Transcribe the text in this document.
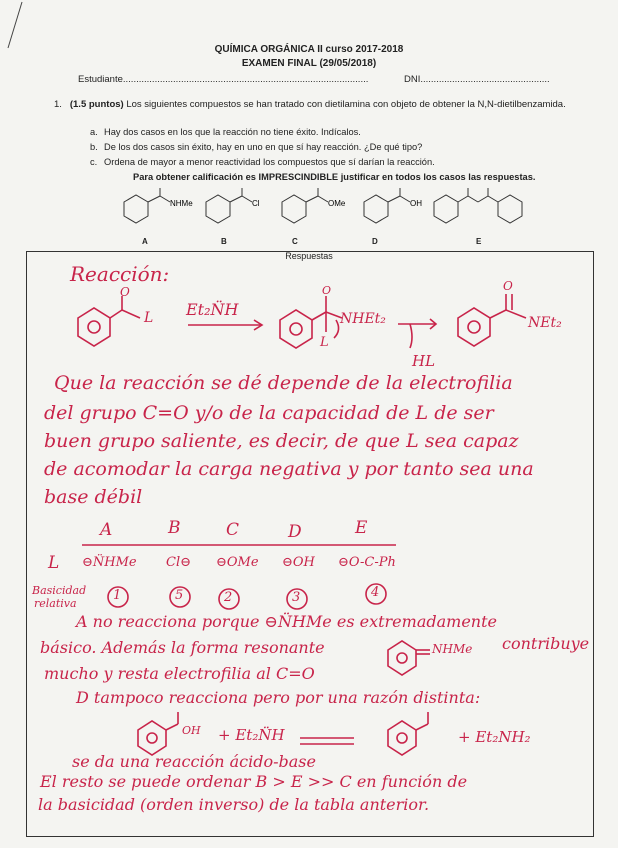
QUÍMICA ORGÁNICA II curso 2017-2018
EXAMEN FINAL (29/05/2018)
Estudiante.............................................................................................	DNI.................................................
1. (1.5 puntos) Los siguientes compuestos se han tratado con dietilamina con objeto de obtener la N,N-dietilbenzamida.
Hay dos casos en los que la reacción no tiene éxito. Indícalos.
a.
De los dos casos sin éxito, hay en uno en que sí hay reacción. ¿De qué tipo?
b.
Ordena de mayor a menor reactividad los compuestos que sí darían la reacción.
c.
Para obtener calificación es IMPRESCINDIBLE justificar en todos los casos las respuestas.
NHMe	Cl	OMe	OH
A	B	C	D	E
Respuestas
Reacción:
L
O	O
NHEt₂
L
O
NEt₂
Et₂N̈H
HL
Que la reacción se dé depende de la electrofilia
del grupo C=O y/o de la capacidad de L de ser
buen grupo saliente, es decir, de que L sea capaz
de acomodar la carga negativa y por tanto sea una
base débil
A	B	C	D	E
L ⊖N̈HMe Cl⊖ ⊖OMe ⊖OH ⊖O-C-Ph
Basicidad
relativa
1	5	2	3	4
A no reacciona porque ⊖N̈HMe es extremadamente
básico. Además la forma resonante	NHMe contribuye
mucho y resta electrofilia al C=O
D tampoco reacciona pero por una razón distinta:
OH + Et₂N̈H	+ Et₂NH₂
se da una reacción ácido-base
El resto se puede ordenar B > E >> C en función de
la basicidad (orden inverso) de la tabla anterior.
